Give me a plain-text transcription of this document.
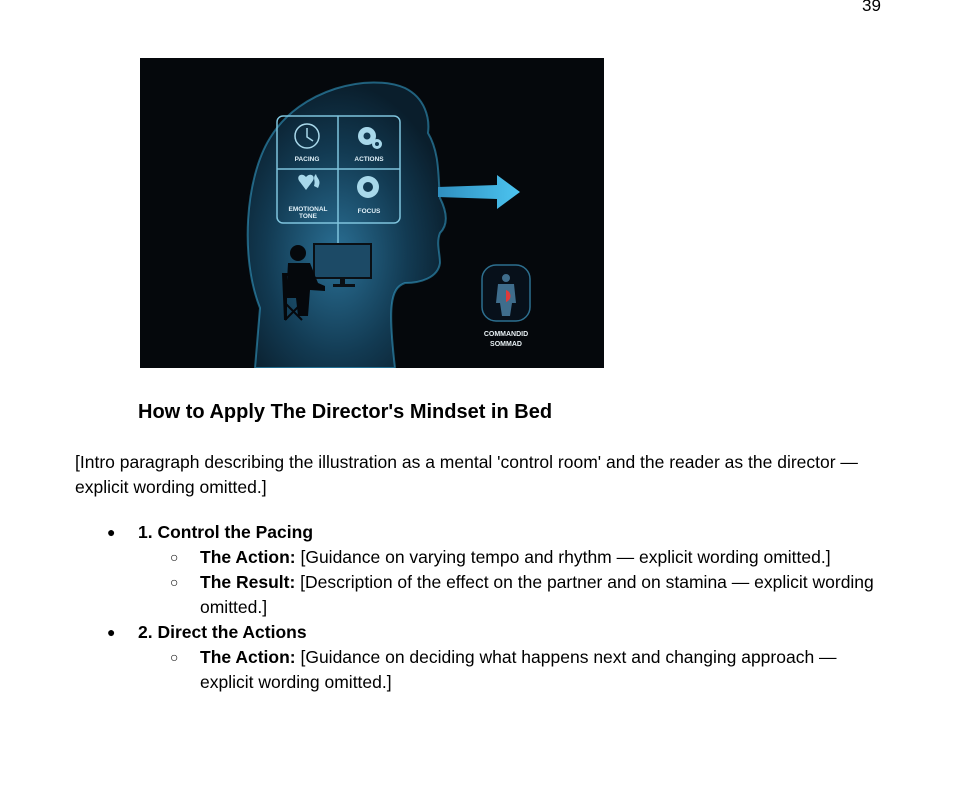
39
PACING	ACTIONS
EMOTIONAL
TONE
FOCUS
COMMANDID
SOMMAD
How to Apply The Director's Mindset in Bed

[Intro paragraph describing the illustration as a mental 'control room' and the reader as the director — explicit wording omitted.]

● 1. Control the Pacing
○ The Action: [Guidance on varying tempo and rhythm — explicit wording omitted.]
○ The Result: [Description of the effect on the partner and on stamina — explicit wording omitted.]
● 2. Direct the Actions
○ The Action: [Guidance on deciding what happens next and changing approach — explicit wording omitted.]
